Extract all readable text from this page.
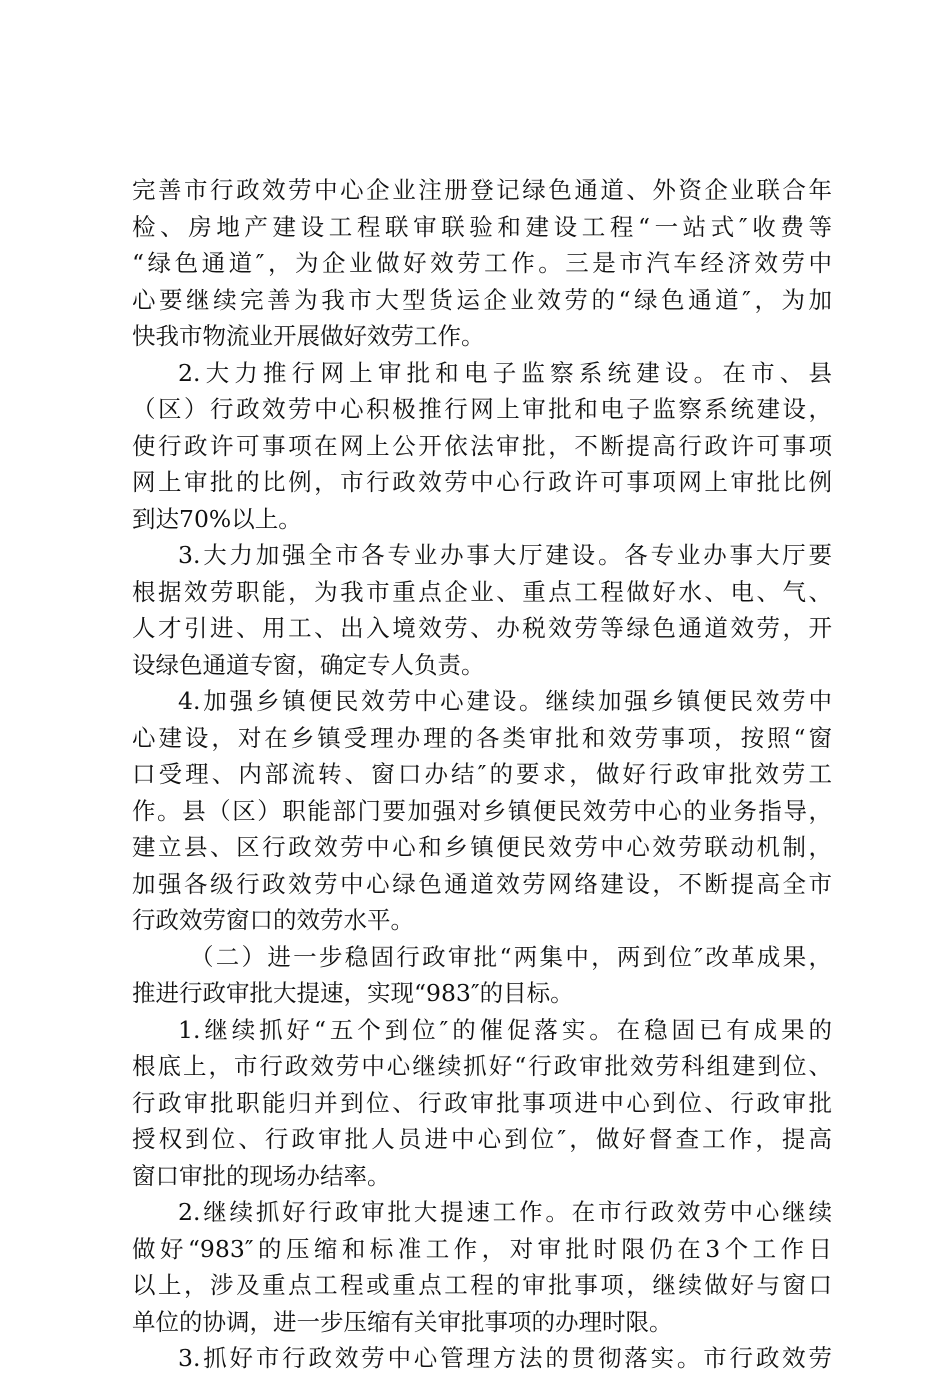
完善市行政效劳中心企业注册登记绿色通道、外资企业联合年
检、房地产建设工程联审联验和建设工程“一站式″收费等
“绿色通道″，为企业做好效劳工作。三是市汽车经济效劳中
心要继续完善为我市大型货运企业效劳的“绿色通道″，为加
快我市物流业开展做好效劳工作。
2.大力推行网上审批和电子监察系统建设。在市、县
（区）行政效劳中心积极推行网上审批和电子监察系统建设，
使行政许可事项在网上公开依法审批，不断提高行政许可事项
网上审批的比例，市行政效劳中心行政许可事项网上审批比例
到达70%以上。
3.大力加强全市各专业办事大厅建设。各专业办事大厅要
根据效劳职能，为我市重点企业、重点工程做好水、电、气、
人才引进、用工、出入境效劳、办税效劳等绿色通道效劳，开
设绿色通道专窗，确定专人负责。
4.加强乡镇便民效劳中心建设。继续加强乡镇便民效劳中
心建设，对在乡镇受理办理的各类审批和效劳事项，按照“窗
口受理、内部流转、窗口办结″的要求，做好行政审批效劳工
作。县（区）职能部门要加强对乡镇便民效劳中心的业务指导，
建立县、区行政效劳中心和乡镇便民效劳中心效劳联动机制，
加强各级行政效劳中心绿色通道效劳网络建设，不断提高全市
行政效劳窗口的效劳水平。
（二）进一步稳固行政审批“两集中，两到位″改革成果，
推进行政审批大提速，实现“983″的目标。
1.继续抓好“五个到位″的催促落实。在稳固已有成果的
根底上，市行政效劳中心继续抓好“行政审批效劳科组建到位、
行政审批职能归并到位、行政审批事项进中心到位、行政审批
授权到位、行政审批人员进中心到位″，做好督查工作，提高
窗口审批的现场办结率。
2.继续抓好行政审批大提速工作。在市行政效劳中心继续
做好“983″的压缩和标准工作，对审批时限仍在3个工作日
以上，涉及重点工程或重点工程的审批事项，继续做好与窗口
单位的协调，进一步压缩有关审批事项的办理时限。
3.抓好市行政效劳中心管理方法的贯彻落实。市行政效劳
